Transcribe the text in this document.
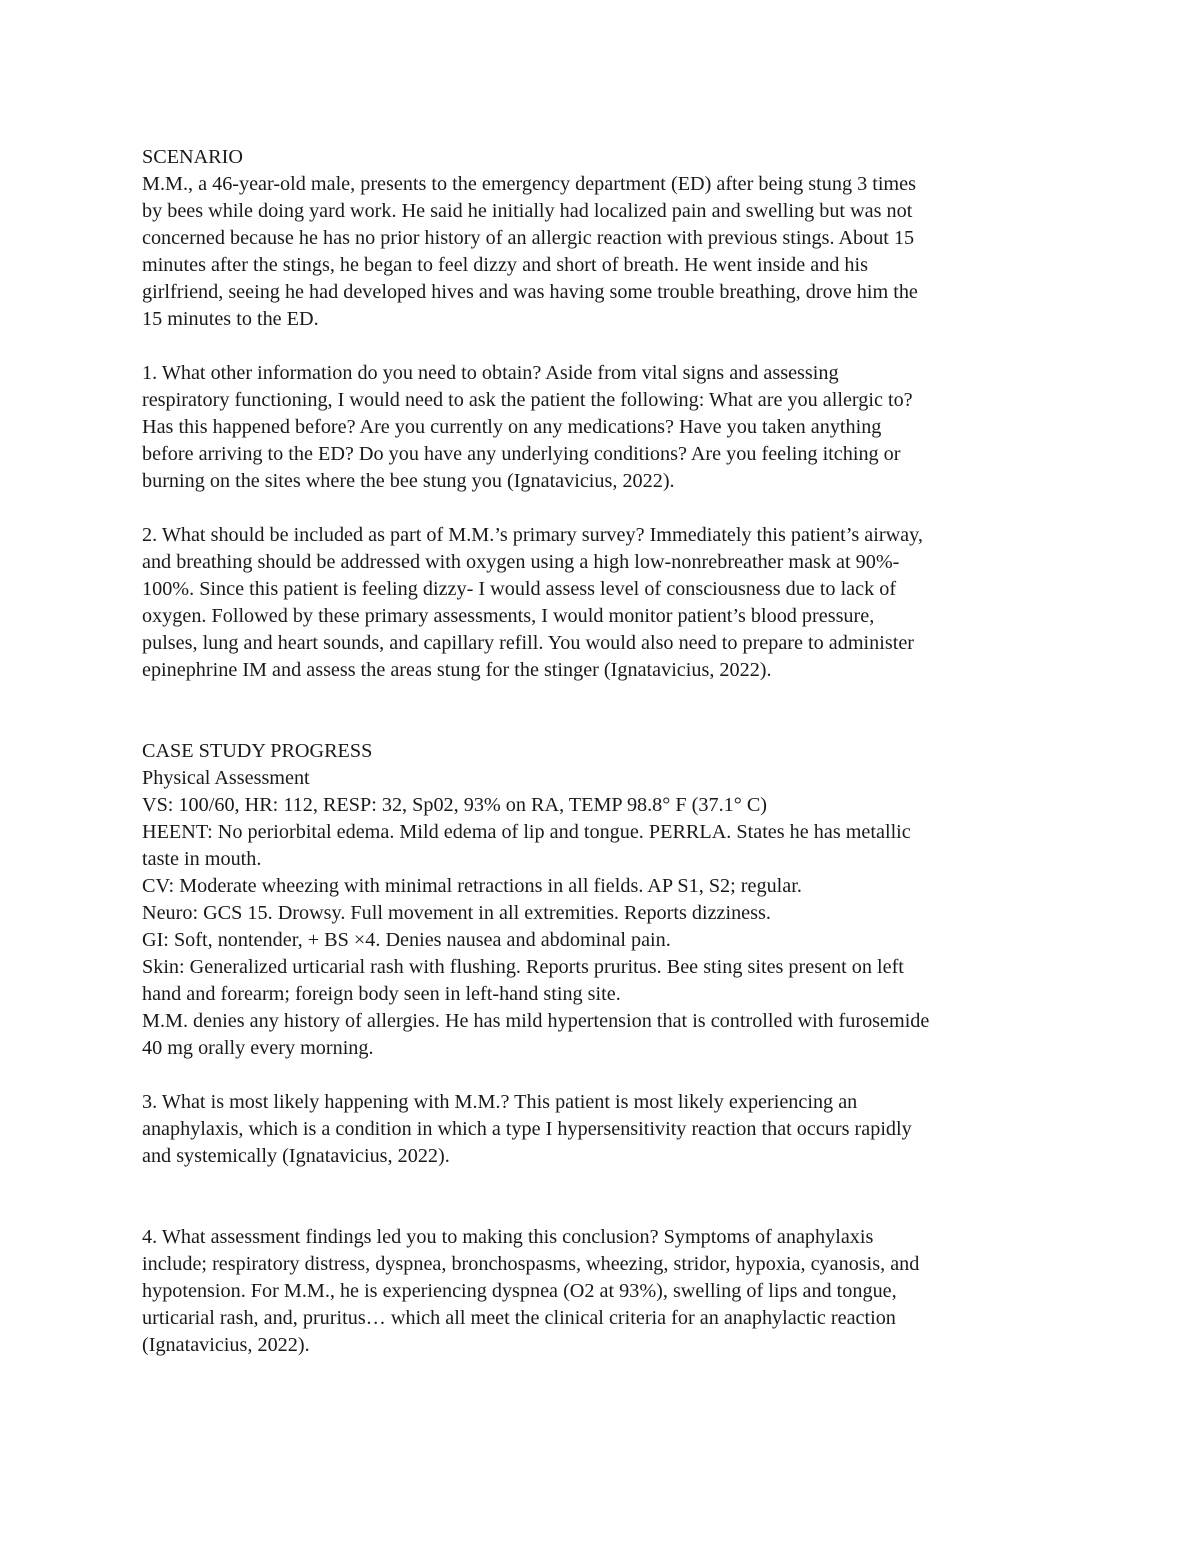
SCENARIO
M.M., a 46-year-old male, presents to the emergency department (ED) after being stung 3 times
by bees while doing yard work. He said he initially had localized pain and swelling but was not
concerned because he has no prior history of an allergic reaction with previous stings. About 15
minutes after the stings, he began to feel dizzy and short of breath. He went inside and his
girlfriend, seeing he had developed hives and was having some trouble breathing, drove him the
15 minutes to the ED.
1. What other information do you need to obtain? Aside from vital signs and assessing
respiratory functioning, I would need to ask the patient the following: What are you allergic to?
Has this happened before? Are you currently on any medications? Have you taken anything
before arriving to the ED? Do you have any underlying conditions? Are you feeling itching or
burning on the sites where the bee stung you (Ignatavicius, 2022).
2. What should be included as part of M.M.’s primary survey? Immediately this patient’s airway,
and breathing should be addressed with oxygen using a high low-nonrebreather mask at 90%-
100%. Since this patient is feeling dizzy- I would assess level of consciousness due to lack of
oxygen. Followed by these primary assessments, I would monitor patient’s blood pressure,
pulses, lung and heart sounds, and capillary refill. You would also need to prepare to administer
epinephrine IM and assess the areas stung for the stinger (Ignatavicius, 2022).
CASE STUDY PROGRESS
Physical Assessment
VS: 100/60, HR: 112, RESP: 32, Sp02, 93% on RA, TEMP 98.8° F (37.1° C)
HEENT: No periorbital edema. Mild edema of lip and tongue. PERRLA. States he has metallic
taste in mouth.
CV: Moderate wheezing with minimal retractions in all fields. AP S1, S2; regular.
Neuro: GCS 15. Drowsy. Full movement in all extremities. Reports dizziness.
GI: Soft, nontender, + BS ×4. Denies nausea and abdominal pain.
Skin: Generalized urticarial rash with flushing. Reports pruritus. Bee sting sites present on left
hand and forearm; foreign body seen in left-hand sting site.
M.M. denies any history of allergies. He has mild hypertension that is controlled with furosemide
40 mg orally every morning.
3. What is most likely happening with M.M.? This patient is most likely experiencing an
anaphylaxis, which is a condition in which a type I hypersensitivity reaction that occurs rapidly
and systemically (Ignatavicius, 2022).
4. What assessment findings led you to making this conclusion? Symptoms of anaphylaxis
include; respiratory distress, dyspnea, bronchospasms, wheezing, stridor, hypoxia, cyanosis, and
hypotension. For M.M., he is experiencing dyspnea (O2 at 93%), swelling of lips and tongue,
urticarial rash, and, pruritus… which all meet the clinical criteria for an anaphylactic reaction
(Ignatavicius, 2022).
